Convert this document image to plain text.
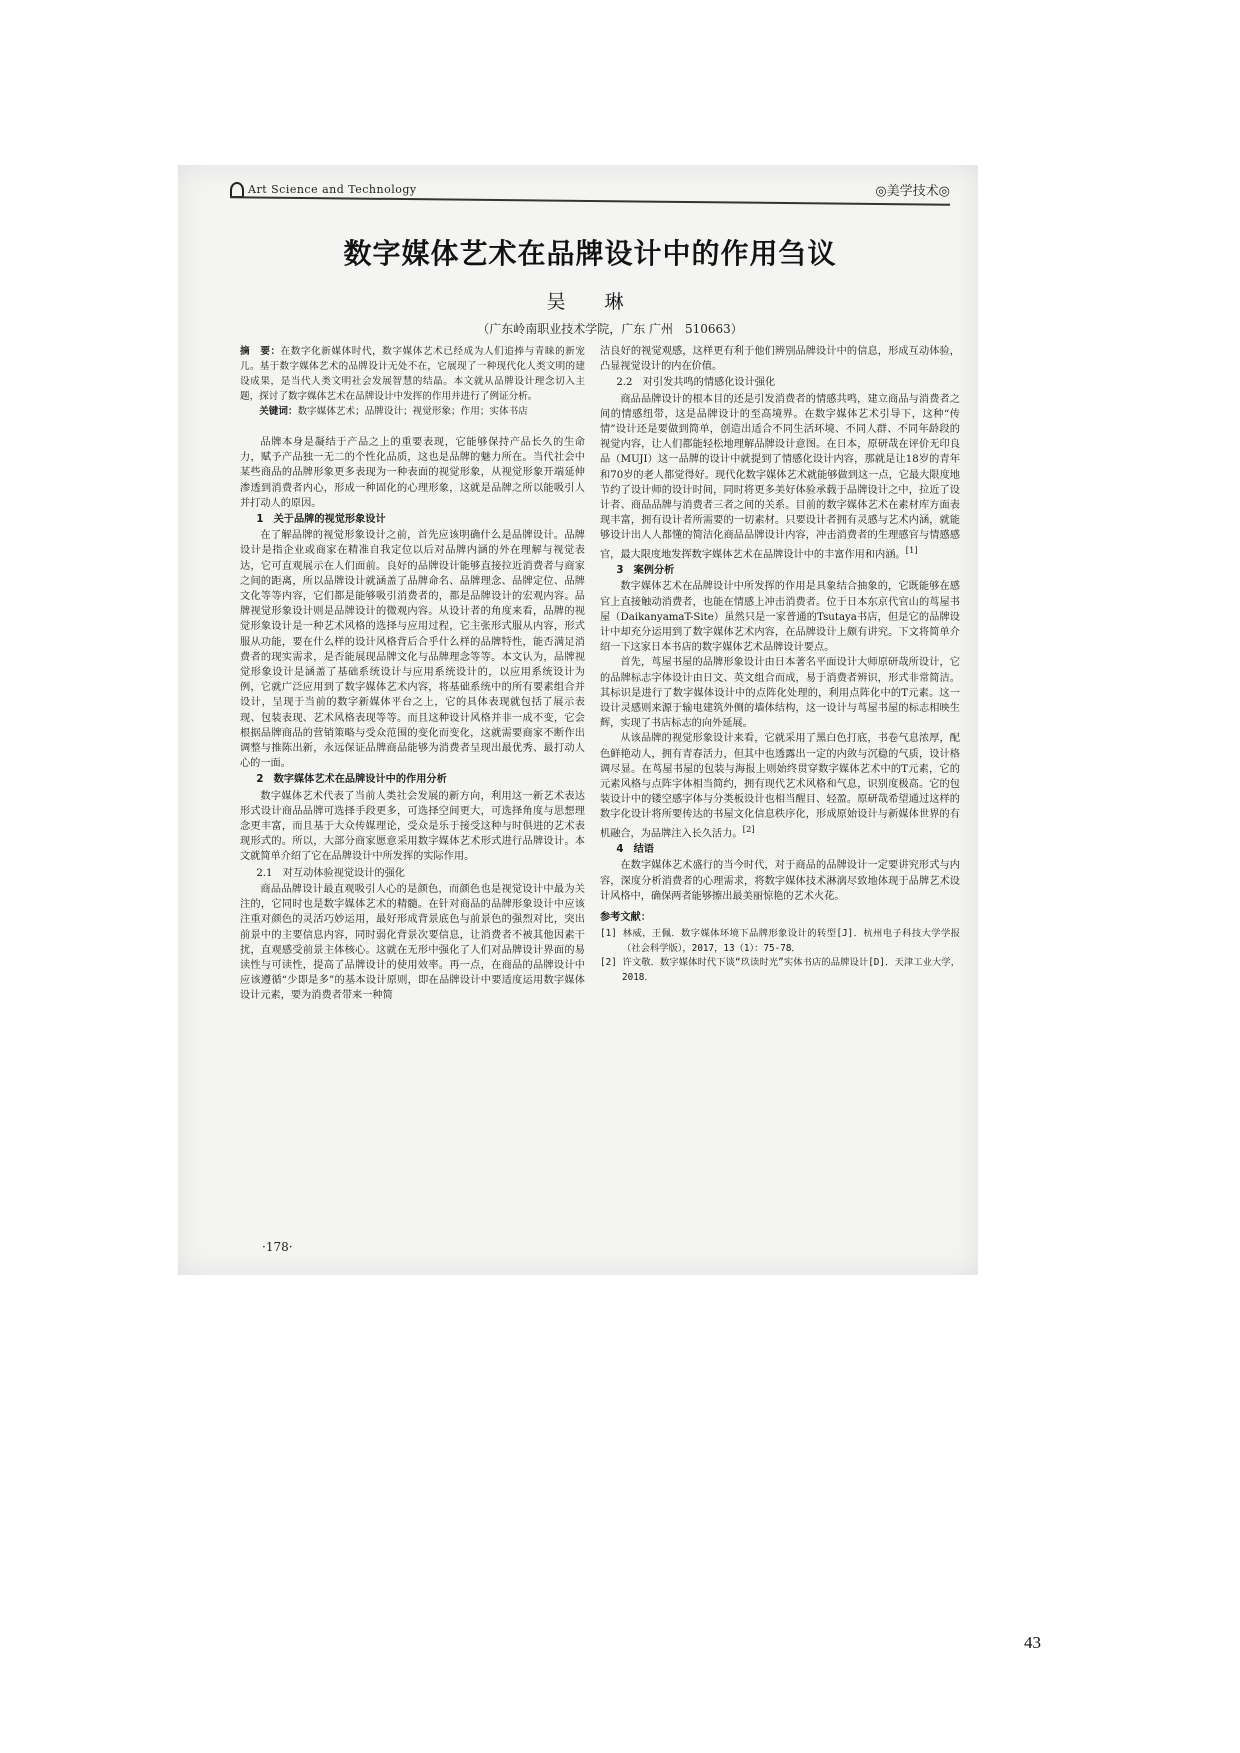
Art Science and Technology	◎美学技术◎
数字媒体艺术在品牌设计中的作用刍议
吴　琳
（广东岭南职业技术学院，广东 广州　510663）

摘　要：在数字化新媒体时代，数字媒体艺术已经成为人们追捧与青睐的新宠儿。基于数字媒体艺术的品牌设计无处不在，它展现了一种现代化人类文明的建设成果，是当代人类文明社会发展智慧的结晶。本文就从品牌设计理念切入主题，探讨了数字媒体艺术在品牌设计中发挥的作用并进行了例证分析。

关键词：数字媒体艺术；品牌设计；视觉形象；作用；实体书店

品牌本身是凝结于产品之上的重要表现，它能够保持产品长久的生命力，赋予产品独一无二的个性化品质，这也是品牌的魅力所在。当代社会中某些商品的品牌形象更多表现为一种表面的视觉形象，从视觉形象开端延伸渗透到消费者内心，形成一种固化的心理形象，这就是品牌之所以能吸引人并打动人的原因。

1　关于品牌的视觉形象设计

在了解品牌的视觉形象设计之前，首先应该明确什么是品牌设计。品牌设计是指企业或商家在精准自我定位以后对品牌内涵的外在理解与视觉表达，它可直观展示在人们面前。良好的品牌设计能够直接拉近消费者与商家之间的距离，所以品牌设计就涵盖了品牌命名、品牌理念、品牌定位、品牌文化等等内容，它们都是能够吸引消费者的，都是品牌设计的宏观内容。品牌视觉形象设计则是品牌设计的微观内容。从设计者的角度来看，品牌的视觉形象设计是一种艺术风格的选择与应用过程，它主张形式服从内容，形式服从功能，要在什么样的设计风格背后合乎什么样的品牌特性，能否满足消费者的现实需求，是否能展现品牌文化与品牌理念等等。本文认为，品牌视觉形象设计是涵盖了基础系统设计与应用系统设计的，以应用系统设计为例，它就广泛应用到了数字媒体艺术内容，将基础系统中的所有要素组合并设计，呈现于当前的数字新媒体平台之上，它的具体表现就包括了展示表现、包装表现、艺术风格表现等等。而且这种设计风格并非一成不变，它会根据品牌商品的营销策略与受众范围的变化而变化，这就需要商家不断作出调整与推陈出新，永远保证品牌商品能够为消费者呈现出最优秀、最打动人心的一面。

2　数字媒体艺术在品牌设计中的作用分析

数字媒体艺术代表了当前人类社会发展的新方向，利用这一新艺术表达形式设计商品品牌可选择手段更多，可选择空间更大，可选择角度与思想理念更丰富，而且基于大众传媒理论，受众是乐于接受这种与时俱进的艺术表现形式的。所以，大部分商家愿意采用数字媒体艺术形式进行品牌设计。本文就简单介绍了它在品牌设计中所发挥的实际作用。

2.1　对互动体验视觉设计的强化

商品品牌设计最直观吸引人心的是颜色，而颜色也是视觉设计中最为关注的，它同时也是数字媒体艺术的精髓。在针对商品的品牌形象设计中应该注重对颜色的灵活巧妙运用，最好形成背景底色与前景色的强烈对比，突出前景中的主要信息内容，同时弱化背景次要信息，让消费者不被其他因素干扰，直观感受前景主体核心。这就在无形中强化了人们对品牌设计界面的易读性与可读性，提高了品牌设计的使用效率。再一点，在商品的品牌设计中应该遵循“少即是多”的基本设计原则，即在品牌设计中要适度运用数字媒体设计元素，要为消费者带来一种简

洁良好的视觉观感，这样更有利于他们辨别品牌设计中的信息，形成互动体验，凸显视觉设计的内在价值。

2.2　对引发共鸣的情感化设计强化

商品品牌设计的根本目的还是引发消费者的情感共鸣，建立商品与消费者之间的情感纽带，这是品牌设计的至高境界。在数字媒体艺术引导下，这种“传情”设计还是要做到简单，创造出适合不同生活环境、不同人群、不同年龄段的视觉内容，让人们都能轻松地理解品牌设计意图。在日本，原研哉在评价无印良品（MUJI）这一品牌的设计中就提到了情感化设计内容，那就是让18岁的青年和70岁的老人都觉得好。现代化数字媒体艺术就能够做到这一点，它最大限度地节约了设计师的设计时间，同时将更多美好体验承载于品牌设计之中，拉近了设计者、商品品牌与消费者三者之间的关系。目前的数字媒体艺术在素材库方面表现丰富，拥有设计者所需要的一切素材。只要设计者拥有灵感与艺术内涵，就能够设计出人人都懂的简洁化商品品牌设计内容，冲击消费者的生理感官与情感感官，最大限度地发挥数字媒体艺术在品牌设计中的丰富作用和内涵。[1]

3　案例分析

数字媒体艺术在品牌设计中所发挥的作用是具象结合抽象的，它既能够在感官上直接触动消费者，也能在情感上冲击消费者。位于日本东京代官山的茑屋书屋（DaikanyamaT-Site）虽然只是一家普通的Tsutaya书店，但是它的品牌设计中却充分运用到了数字媒体艺术内容，在品牌设计上颇有讲究。下文将简单介绍一下这家日本书店的数字媒体艺术品牌设计要点。

首先，茑屋书屋的品牌形象设计由日本著名平面设计大师原研哉所设计，它的品牌标志字体设计由日文、英文组合而成，易于消费者辨识，形式非常简洁。其标识是进行了数字媒体设计中的点阵化处理的，利用点阵化中的T元素。这一设计灵感则来源于输电建筑外侧的墙体结构，这一设计与茑屋书屋的标志相映生辉，实现了书店标志的向外延展。

从该品牌的视觉形象设计来看，它就采用了黑白色打底，书卷气息浓厚，配色鲜艳动人，拥有青春活力，但其中也透露出一定的内敛与沉稳的气质，设计格调尽显。在茑屋书屋的包装与海报上则始终贯穿数字媒体艺术中的T元素，它的元素风格与点阵字体相当简约，拥有现代艺术风格和气息，识别度极高。它的包装设计中的镂空感字体与分类板设计也相当醒目、轻盈。原研哉希望通过这样的数字化设计将所要传达的书屋文化信息秩序化，形成原始设计与新媒体世界的有机融合，为品牌注入长久活力。[2]

4　结语

在数字媒体艺术盛行的当今时代，对于商品的品牌设计一定要讲究形式与内容，深度分析消费者的心理需求，将数字媒体技术淋漓尽致地体现于品牌艺术设计风格中，确保两者能够擦出最美丽惊艳的艺术火花。

参考文献：
[1] 林威，王佩．数字媒体环境下品牌形象设计的转型[J]．杭州电子科技大学学报（社会科学版），2017，13（1）：75-78．
[2] 许文敬．数字媒体时代下谈“玖读时光”实体书店的品牌设计[D]．天津工业大学，2018．
·178·
43
